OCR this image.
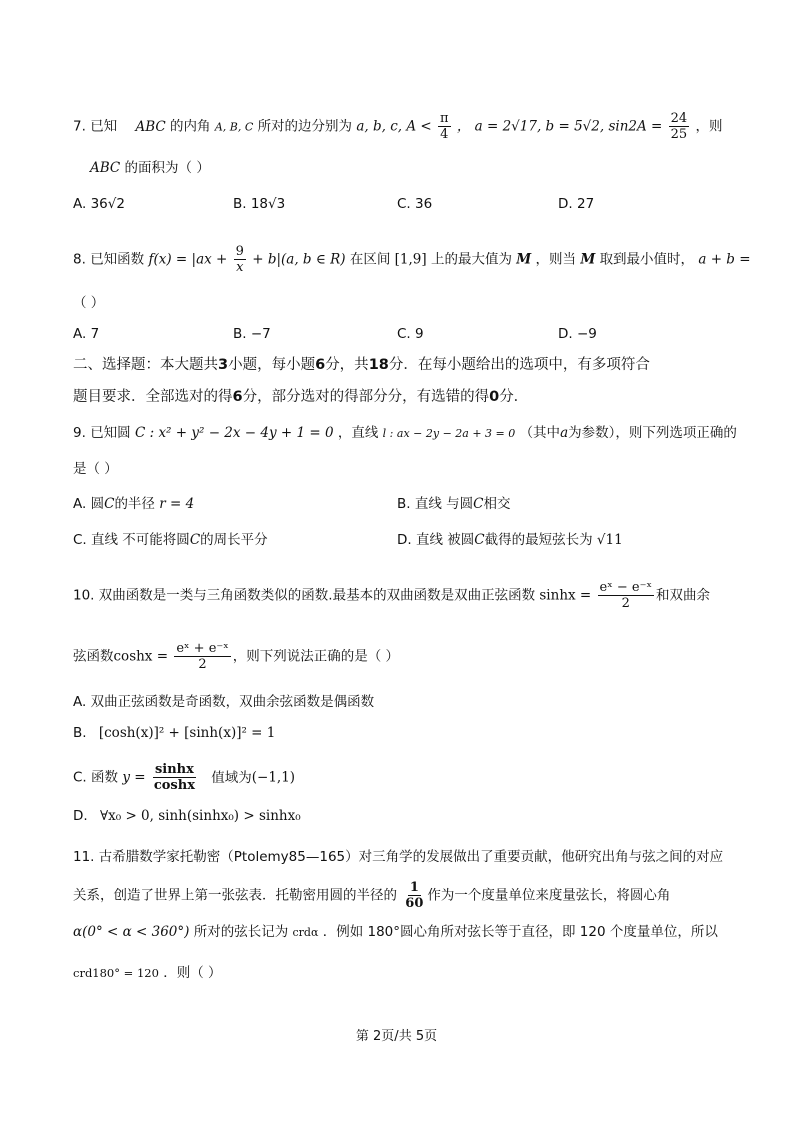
7. 已知 ABC 的内角 A, B, C 所对的边分别为 a, b, c, $A < \frac{\pi}{4}$ ， a = 2√17, b = 5√2, $\sin 2A = \frac{24}{25}$ ，则
ABC 的面积为（ ）
A. 36√2	B. 18√3	C. 36	D. 27
8. 已知函数 $f(x) = |ax + \frac{9}{x} + b|(a$, b ∈ R) 在区间 [1,9] 上的最大值为 M ，则当 M 取到最小值时， a + b =
（ ）
A. 7	B. −7	C. 9	D. −9
二、选择题：本大题共3小题，每小题6分，共18分．在每小题给出的选项中，有多项符合
题目要求．全部选对的得6分，部分选对的得部分分，有选错的得0分．
9. 已知圆 C : x² + y² − 2x − 4y + 1 = 0 ，直线 l : ax − 2y − 2a + 3 = 0 （其中a为参数），则下列选项正确的
是（ ）
A. 圆C的半径 r = 4	B. 直线 与圆C相交
C. 直线 不可能将圆C的周长平分	D. 直线 被圆C截得的最短弦长为 √11
10. 双曲函数是一类与三角函数类似的函数.最基本的双曲函数是双曲正弦函数 $\sinh x = \frac{\text{eˣ − e⁻ˣ}}{2}$ 和双曲余
弦函数$\cosh x = \frac{\text{eˣ + e⁻ˣ}}{2}$ ，则下列说法正确的是（ ）
A. 双曲正弦函数是奇函数，双曲余弦函数是偶函数
B. [cosh(x)]² + [sinh(x)]² = 1
C. 函数 $y = \frac{\sinh x}{\cosh x}$ 值域为(−1,1)
D. ∀x₀ > 0, sinh(sinhx₀) > sinhx₀
11. 古希腊数学家托勒密（Ptolemy85—165）对三角学的发展做出了重要贡献，他研究出角与弦之间的对应
关系，创造了世界上第一张弦表．托勒密用圆的半径的 $\frac{1}{60}$ 作为一个度量单位来度量弦长，将圆心角
α(0° < α < 360°) 所对的弦长记为 crdα ．例如 180°圆心角所对弦长等于直径，即 120 个度量单位，所以
crd180° = 120 ．则（ ）
第 2页/共 5页
